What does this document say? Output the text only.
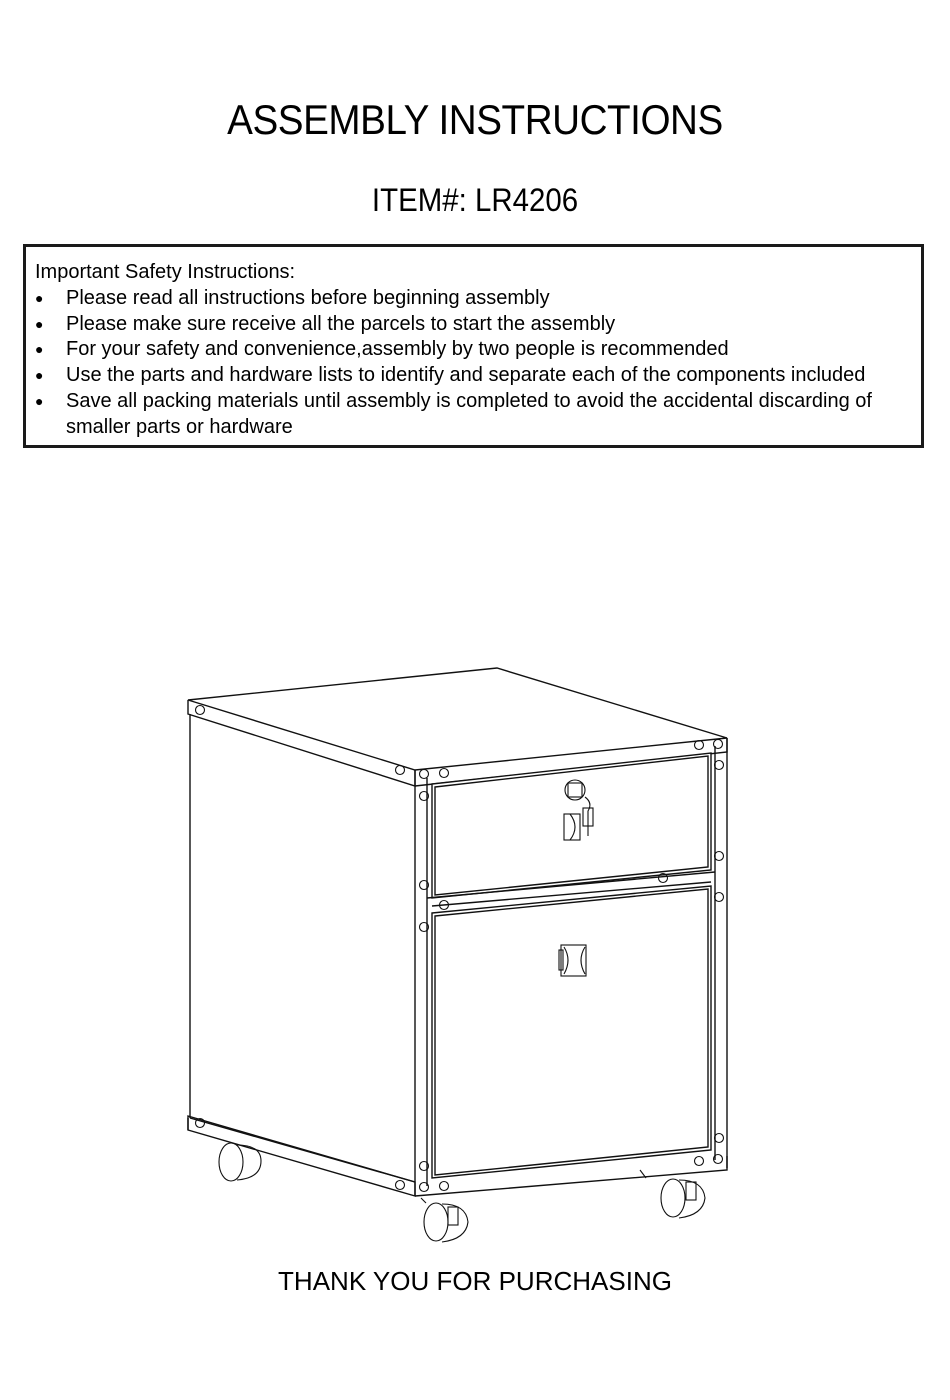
ASSEMBLY INSTRUCTIONS
ITEM#: LR4206
Important Safety Instructions:
● Please read all instructions before beginning assembly
● Please make sure receive all the parcels to start the assembly
● For your safety and convenience,assembly by two people is recommended
● Use the parts and hardware lists to identify and separate each of the components included
● Save all packing materials until assembly is completed to avoid the accidental discarding of smaller parts or hardware
THANK YOU FOR PURCHASING
